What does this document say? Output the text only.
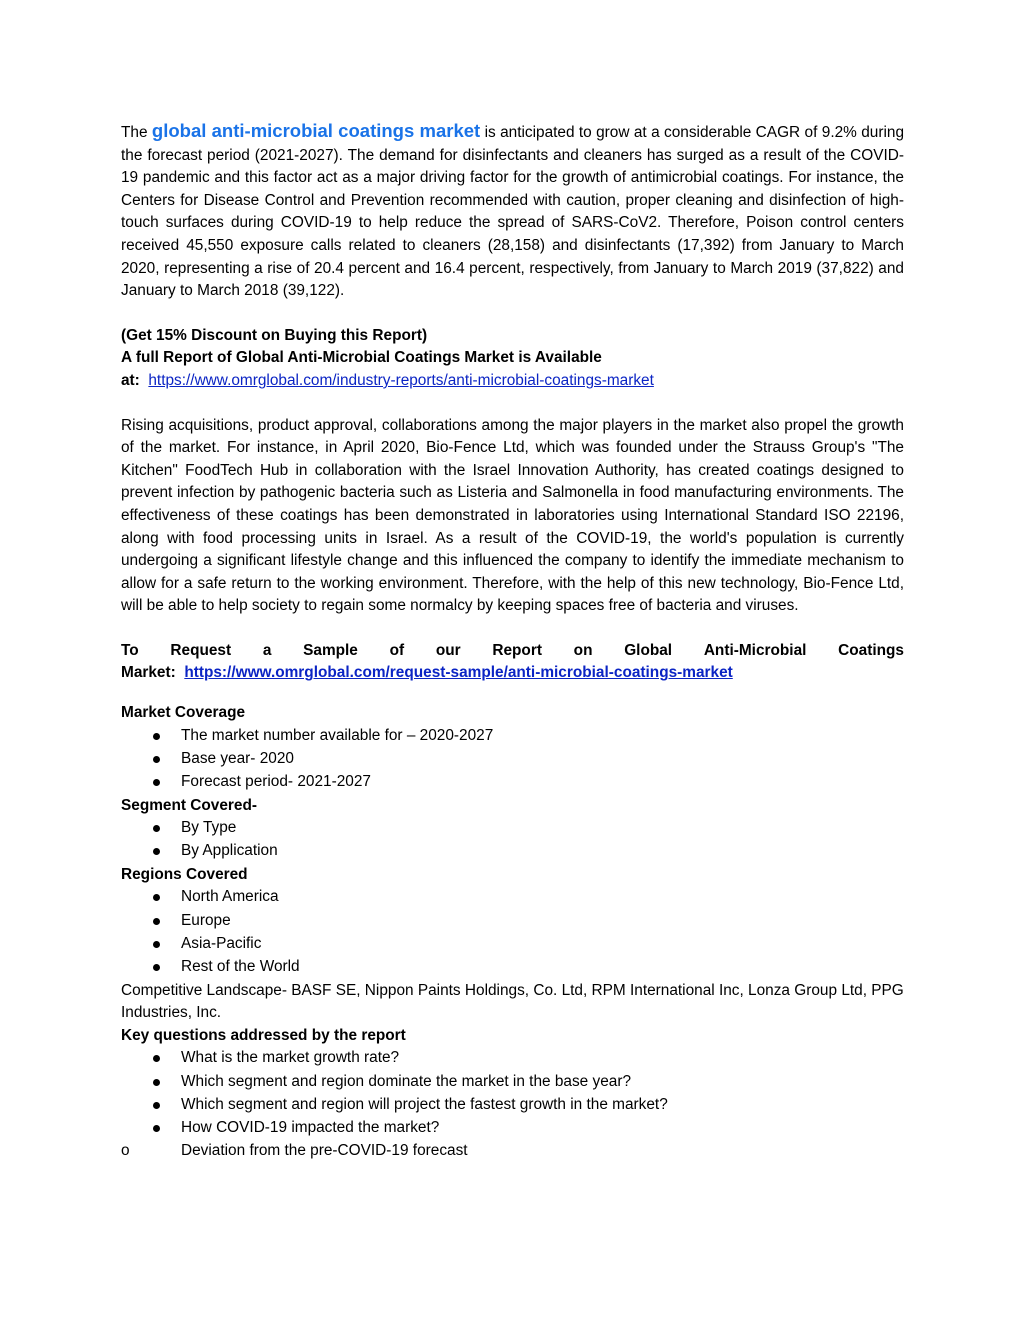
The global anti-microbial coatings market is anticipated to grow at a considerable CAGR of 9.2% during the forecast period (2021-2027). The demand for disinfectants and cleaners has surged as a result of the COVID-19 pandemic and this factor act as a major driving factor for the growth of antimicrobial coatings. For instance, the Centers for Disease Control and Prevention recommended with caution, proper cleaning and disinfection of high-touch surfaces during COVID-19 to help reduce the spread of SARS-CoV2. Therefore, Poison control centers received 45,550 exposure calls related to cleaners (28,158) and disinfectants (17,392) from January to March 2020, representing a rise of 20.4 percent and 16.4 percent, respectively, from January to March 2019 (37,822) and January to March 2018 (39,122).

(Get 15% Discount on Buying this Report)

A full Report of Global Anti-Microbial Coatings Market is Available

at: https://www.omrglobal.com/industry-reports/anti-microbial-coatings-market

Rising acquisitions, product approval, collaborations among the major players in the market also propel the growth of the market. For instance, in April 2020, Bio-Fence Ltd, which was founded under the Strauss Group's "The Kitchen" FoodTech Hub in collaboration with the Israel Innovation Authority, has created coatings designed to prevent infection by pathogenic bacteria such as Listeria and Salmonella in food manufacturing environments. The effectiveness of these coatings has been demonstrated in laboratories using International Standard ISO 22196, along with food processing units in Israel. As a result of the COVID-19, the world's population is currently undergoing a significant lifestyle change and this influenced the company to identify the immediate mechanism to allow for a safe return to the working environment. Therefore, with the help of this new technology, Bio-Fence Ltd, will be able to help society to regain some normalcy by keeping spaces free of bacteria and viruses.

To Request a Sample of our Report on Global Anti-Microbial Coatings

Market: https://www.omrglobal.com/request-sample/anti-microbial-coatings-market

Market Coverage

The market number available for – 2020-2027
Base year- 2020
Forecast period- 2021-2027

Segment Covered-

By Type
By Application

Regions Covered

North America
Europe
Asia-Pacific
Rest of the World

Competitive Landscape- BASF SE, Nippon Paints Holdings, Co. Ltd, RPM International Inc, Lonza Group Ltd, PPG Industries, Inc.

Key questions addressed by the report

What is the market growth rate?
Which segment and region dominate the market in the base year?
Which segment and region will project the fastest growth in the market?
How COVID-19 impacted the market?

o	Deviation from the pre-COVID-19 forecast
